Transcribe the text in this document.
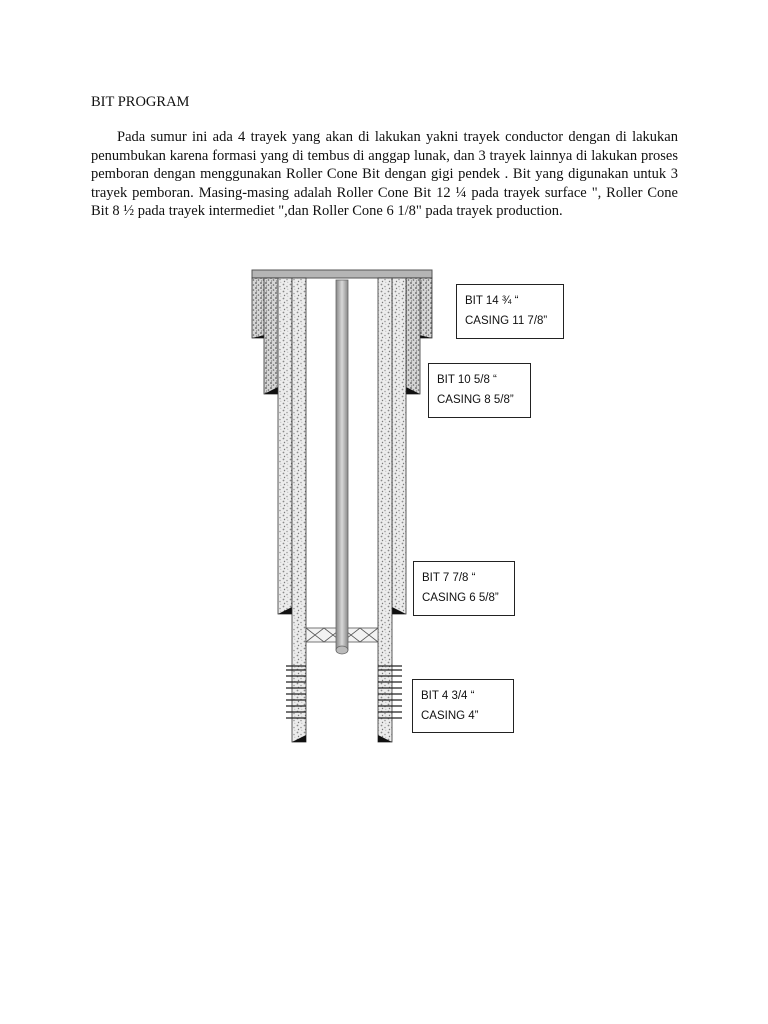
BIT PROGRAM

Pada sumur ini ada 4 trayek yang akan di lakukan yakni trayek conductor dengan di lakukan penumbukan karena formasi yang di tembus di anggap lunak, dan 3 trayek lainnya di lakukan proses pemboran dengan menggunakan Roller Cone Bit dengan gigi pendek . Bit yang digunakan untuk 3 trayek pemboran. Masing-masing adalah Roller Cone Bit 12 ¼ pada trayek surface ", Roller Cone Bit 8 ½ pada trayek intermediet ",dan Roller Cone 6 1/8" pada trayek production.

BIT 14 ¾ “
CASING 11 7/8”
BIT 10 5/8 “
CASING 8 5/8”
BIT 7 7/8 “
CASING 6 5/8”
BIT 4 3/4 “
CASING 4”
